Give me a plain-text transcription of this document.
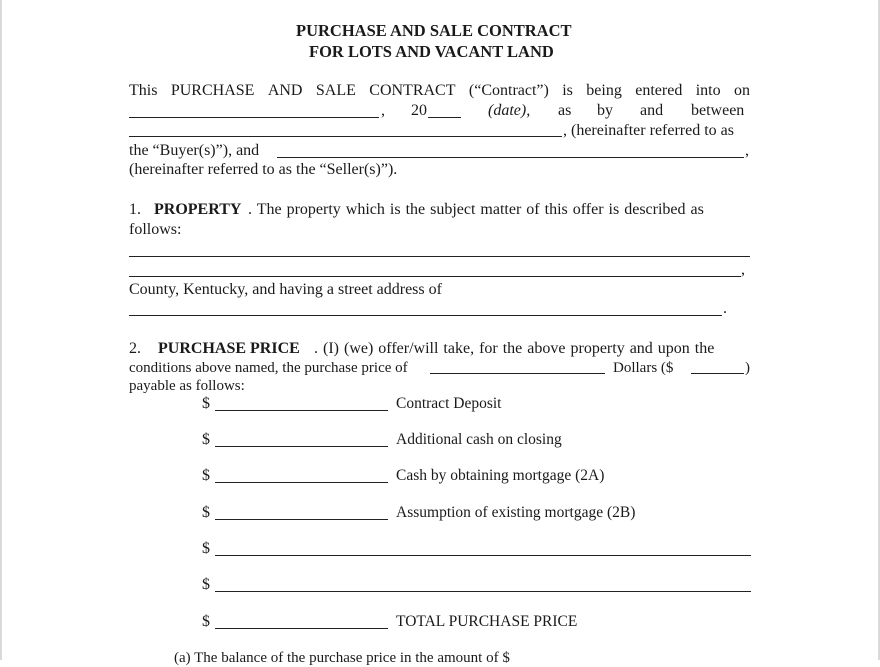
PURCHASE AND SALE CONTRACT
FOR LOTS AND VACANT LAND
This PURCHASE AND SALE CONTRACT (“Contract”) is being entered into on
, 20	(date), as by and between
, (hereinafter referred to as
the “Buyer(s)”), and	,
(hereinafter referred to as the “Seller(s)”).
1. PROPERTY . The property which is the subject matter of this offer is described as
follows:
,
County, Kentucky, and having a street address of
.
2. PURCHASE PRICE . (I) (we) offer/will take, for the above property and upon the
conditions above named, the purchase price of	Dollars ($	)
payable as follows:
$	Contract Deposit
$	Additional cash on closing
$	Cash by obtaining mortgage (2A)
$	Assumption of existing mortgage (2B)
$
$
$	TOTAL PURCHASE PRICE
(a) The balance of the purchase price in the amount of $
